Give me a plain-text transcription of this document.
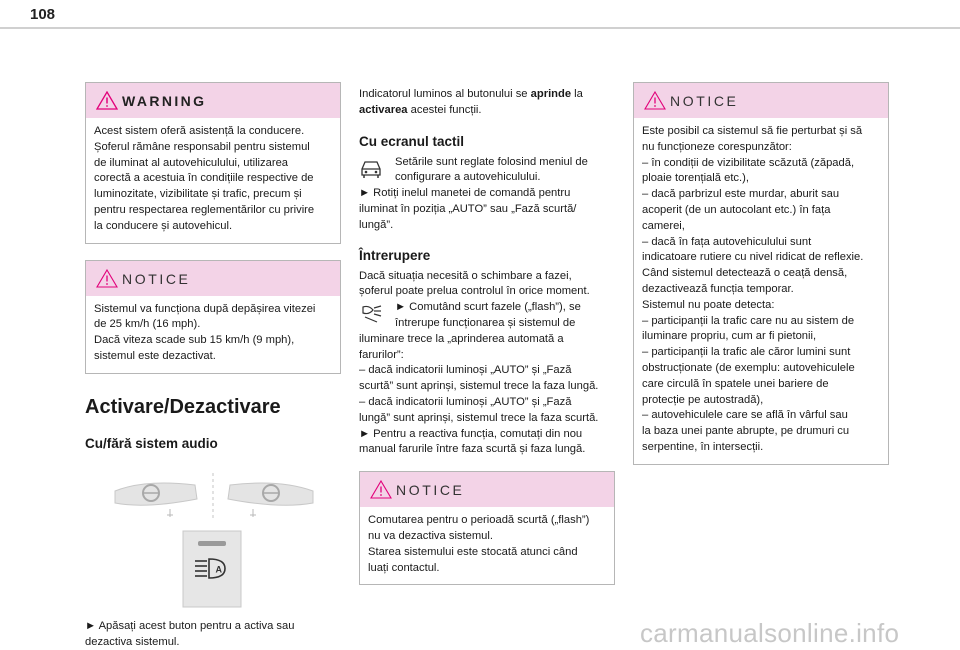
108
WARNING
Acest sistem oferă asistență la conducere.
Șoferul rămâne responsabil pentru sistemul
de iluminat al autovehiculului, utilizarea
corectă a acestuia în condițiile respective de
luminozitate, vizibilitate și trafic, precum și
pentru respectarea reglementărilor cu privire
la conducere și autovehicul.
NOTICE
Sistemul va funcționa după depășirea vitezei
de 25 km/h (16 mph).
Dacă viteza scade sub 15 km/h (9 mph),
sistemul este dezactivat.
Activare/Dezactivare
Cu/fără sistem audio
A
► Apăsați acest buton pentru a activa sau
dezactiva sistemul.
Indicatorul luminos al butonului se aprinde la
activarea acestei funcții.
Cu ecranul tactil
Setările sunt reglate folosind meniul de
configurare a autovehiculului.
► Rotiți inelul manetei de comandă pentru
iluminat în poziția „AUTO” sau „Fază scurtă/
lungă”.
Întrerupere
Dacă situația necesită o schimbare a fazei,
șoferul poate prelua controlul în orice moment.
► Comutând scurt fazele („flash”), se
întrerupe funcționarea și sistemul de
iluminare trece la „aprinderea automată a
farurilor”:
– dacă indicatorii luminoși „AUTO” și „Fază
scurtă” sunt aprinși, sistemul trece la faza lungă.
– dacă indicatorii luminoși „AUTO” și „Fază
lungă” sunt aprinși, sistemul trece la faza scurtă.
► Pentru a reactiva funcția, comutați din nou
manual farurile între faza scurtă și faza lungă.
NOTICE
Comutarea pentru o perioadă scurtă („flash”)
nu va dezactiva sistemul.
Starea sistemului este stocată atunci când
luați contactul.
NOTICE
Este posibil ca sistemul să fie perturbat și să
nu funcționeze corespunzător:
– în condiții de vizibilitate scăzută (zăpadă,
ploaie torențială etc.),
– dacă parbrizul este murdar, aburit sau
acoperit (de un autocolant etc.) în fața
camerei,
– dacă în fața autovehiculului sunt
indicatoare rutiere cu nivel ridicat de reflexie.
Când sistemul detectează o ceață densă,
dezactivează funcția temporar.
Sistemul nu poate detecta:
– participanții la trafic care nu au sistem de
iluminare propriu, cum ar fi pietonii,
– participanții la trafic ale căror lumini sunt
obstrucționate (de exemplu: autovehiculele
care circulă în spatele unei bariere de
protecție pe autostradă),
– autovehiculele care se află în vârful sau
la baza unei pante abrupte, pe drumuri cu
serpentine, în intersecții.
carmanualsonline.info
